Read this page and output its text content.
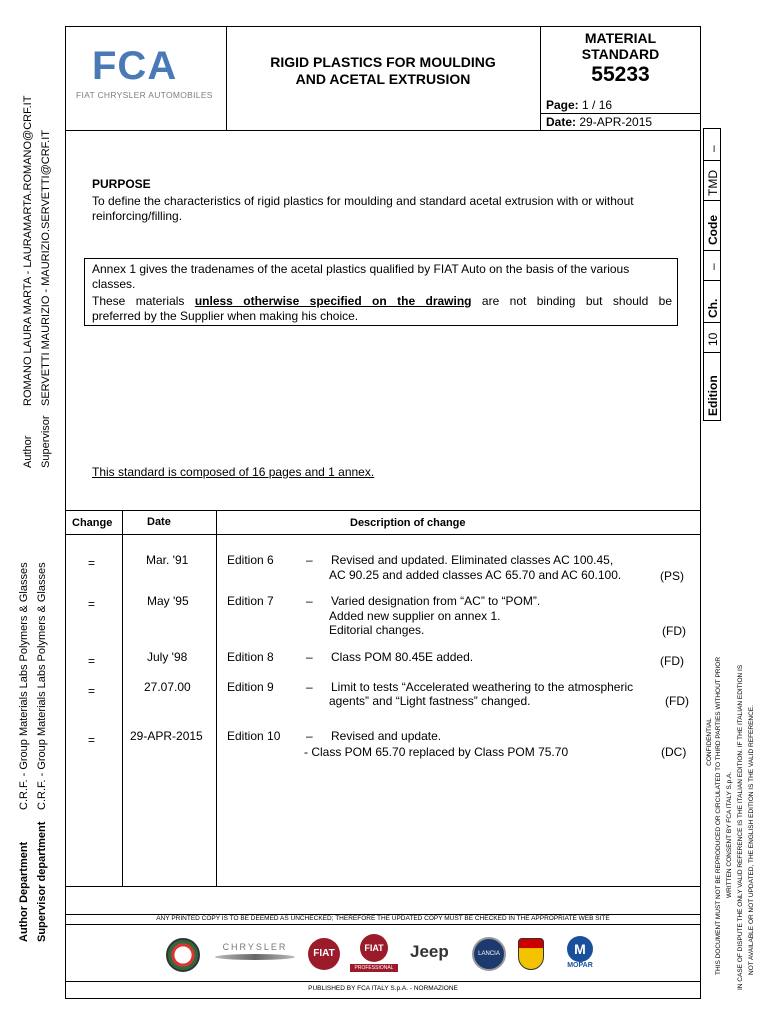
FCA
FIAT CHRYSLER AUTOMOBILES
RIGID PLASTICS FOR MOULDING
AND ACETAL EXTRUSION
MATERIAL
STANDARD
55233
Page: 1 / 16
Date: 29-APR-2015
–
TMD
Code
–
Ch.
10
Edition
Author Supervisor
ROMANO LAURA MARTA - LAURAMARTA.ROMANO@CRF.IT SERVETTI MAURIZIO - MAURIZIO.SERVETTI@CRF.IT
Author Department Supervisor department
C.R.F. - Group Materials Labs Polymers & Glasses C.R.F. - Group Materials Labs Polymers & Glasses
PURPOSE
To define the characteristics of rigid plastics for moulding and standard acetal extrusion with or without
reinforcing/filling.
Annex 1 gives the tradenames of the acetal plastics qualified by FIAT Auto on the basis of the various
classes.
These materials unless otherwise specified on the drawing are not binding but should be
preferred by the Supplier when making his choice.
This standard is composed of 16 pages and 1 annex.
Change	Date	Description of change
=	Mar. '91	Edition 6	– Revised and updated. Eliminated classes AC 100.45,
AC 90.25 and added classes AC 65.70 and AC 60.100.	(PS)
=	May '95	Edition 7	– Varied designation from “AC” to “POM”.
Added new supplier on annex 1.
Editorial changes.	(FD)
=	July '98	Edition 8	– Class POM 80.45E added.	(FD)
=	27.07.00	Edition 9	– Limit to tests “Accelerated weathering to the atmospheric
agents” and “Light fastness” changed.	(FD)
=	29-APR-2015 Edition 10 – Revised and update.
- Class POM 65.70 replaced by Class POM 75.70	(DC)
ANY PRINTED COPY IS TO BE DEEMED AS UNCHECKED; THEREFORE THE UPDATED COPY MUST BE CHECKED IN THE APPROPRIATE WEB SITE
CHRYSLER
FIAT	FIAT
PROFESSIONAL
Jeep	LANCIA	M
MOPAR
PUBLISHED BY FCA ITALY S.p.A. - NORMAZIONE
CONFIDENTIAL THIS DOCUMENT MUST NOT BE REPRODUCED OR CIRCULATED TO THIRD PARTIES WITHOUT PRIOR WRITTEN CONSENT BY FCA ITALY S.p.A. IN CASE OF DISPUTE THE ONLY VALID REFERENCE IS THE ITALIAN EDITION. IF THE ITALIAN EDITION IS NOT AVAILABLE OR NOT UPDATED, THE ENGLISH EDITION IS THE VALID REFERENCE.
